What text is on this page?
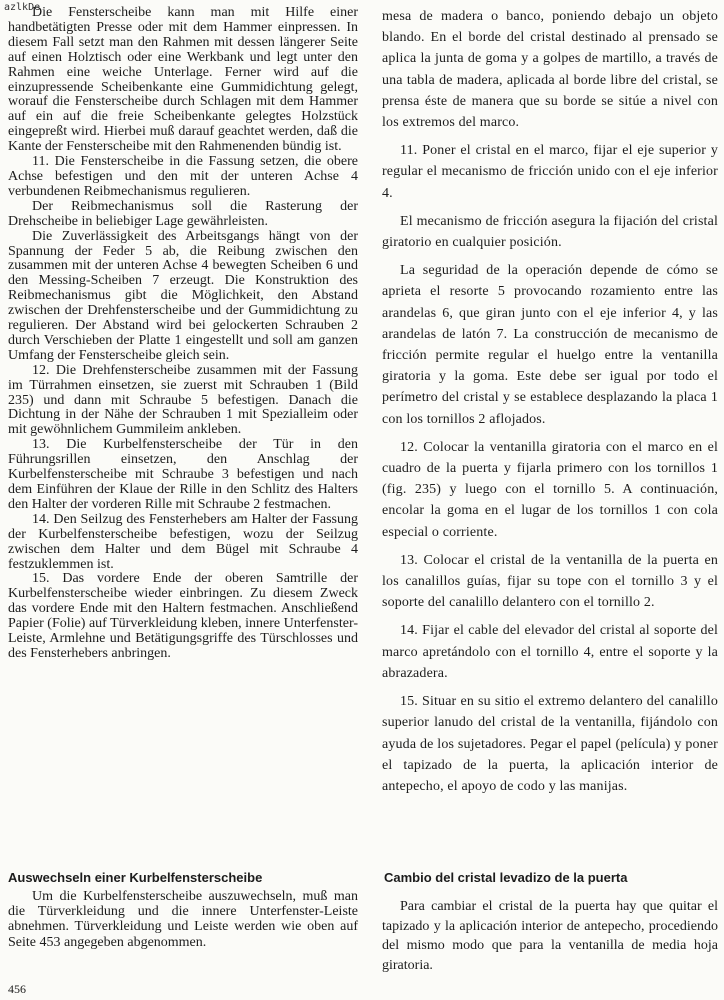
azlkDe

Die Fensterscheibe kann man mit Hilfe einer handbetätigten Presse oder mit dem Hammer einpressen. In diesem Fall setzt man den Rahmen mit dessen längerer Seite auf einen Holztisch oder eine Werkbank und legt unter den Rahmen eine weiche Unterlage. Ferner wird auf die einzupressende Scheibenkante eine Gummidichtung gelegt, worauf die Fensterscheibe durch Schlagen mit dem Hammer auf ein auf die freie Scheibenkante gelegtes Holzstück eingepreßt wird. Hierbei muß darauf geachtet werden, daß die Kante der Fensterscheibe mit den Rahmenenden bündig ist.

11. Die Fensterscheibe in die Fassung setzen, die obere Achse befestigen und den mit der unteren Achse 4 verbundenen Reibmechanismus regulieren.

Der Reibmechanismus soll die Rasterung der Drehscheibe in beliebiger Lage gewährleisten.

Die Zuverlässigkeit des Arbeitsgangs hängt von der Spannung der Feder 5 ab, die Reibung zwischen den zusammen mit der unteren Achse 4 bewegten Scheiben 6 und den Messing-Scheiben 7 erzeugt. Die Konstruktion des Reibmechanismus gibt die Möglichkeit, den Abstand zwischen der Drehfensterscheibe und der Gummidichtung zu regulieren. Der Abstand wird bei gelockerten Schrauben 2 durch Verschieben der Platte 1 eingestellt und soll am ganzen Umfang der Fensterscheibe gleich sein.

12. Die Drehfensterscheibe zusammen mit der Fassung im Türrahmen einsetzen, sie zuerst mit Schrauben 1 (Bild 235) und dann mit Schraube 5 befestigen. Danach die Dichtung in der Nähe der Schrauben 1 mit Spezialleim oder mit gewöhnlichem Gummileim ankleben.

13. Die Kurbelfensterscheibe der Tür in den Führungsrillen einsetzen, den Anschlag der Kurbelfensterscheibe mit Schraube 3 befestigen und nach dem Einführen der Klaue der Rille in den Schlitz des Halters den Halter der vorderen Rille mit Schraube 2 festmachen.

14. Den Seilzug des Fensterhebers am Halter der Fassung der Kurbelfensterscheibe befestigen, wozu der Seilzug zwischen dem Halter und dem Bügel mit Schraube 4 festzuklemmen ist.

15. Das vordere Ende der oberen Samtrille der Kurbelfensterscheibe wieder einbringen. Zu diesem Zweck das vordere Ende mit den Haltern festmachen. Anschließend Papier (Folie) auf Türverkleidung kleben, innere Unterfenster-Leiste, Armlehne und Betätigungsgriffe des Türschlosses und des Fensterhebers anbringen.

mesa de madera o banco, poniendo debajo un objeto blando. En el borde del cristal destinado al prensado se aplica la junta de goma y a golpes de martillo, a través de una tabla de madera, aplicada al borde libre del cristal, se prensa éste de manera que su borde se sitúe a nivel con los extremos del marco.

11. Poner el cristal en el marco, fijar el eje superior y regular el mecanismo de fricción unido con el eje inferior 4.

El mecanismo de fricción asegura la fijación del cristal giratorio en cualquier posición.

La seguridad de la operación depende de cómo se aprieta el resorte 5 provocando rozamiento entre las arandelas 6, que giran junto con el eje inferior 4, y las arandelas de latón 7. La construcción de mecanismo de fricción permite regular el huelgo entre la ventanilla giratoria y la goma. Este debe ser igual por todo el perímetro del cristal y se establece desplazando la placa 1 con los tornillos 2 aflojados.

12. Colocar la ventanilla giratoria con el marco en el cuadro de la puerta y fijarla primero con los tornillos 1 (fig. 235) y luego con el tornillo 5. A continuación, encolar la goma en el lugar de los tornillos 1 con cola especial o corriente.

13. Colocar el cristal de la ventanilla de la puerta en los canalillos guías, fijar su tope con el tornillo 3 y el soporte del canalillo delantero con el tornillo 2.

14. Fijar el cable del elevador del cristal al soporte del marco apretándolo con el tornillo 4, entre el soporte y la abrazadera.

15. Situar en su sitio el extremo delantero del canalillo superior lanudo del cristal de la ventanilla, fijándolo con ayuda de los sujetadores. Pegar el papel (película) y poner el tapizado de la puerta, la aplicación interior de antepecho, el apoyo de codo y las manijas.

Auswechseln einer Kurbelfensterscheibe

Um die Kurbelfensterscheibe auszuwechseln, muß man die Türverkleidung und die innere Unterfenster-Leiste abnehmen. Türverkleidung und Leiste werden wie oben auf Seite 453 angegeben abgenommen.

Cambio del cristal levadizo de la puerta

Para cambiar el cristal de la puerta hay que quitar el tapizado y la aplicación interior de antepecho, procediendo del mismo modo que para la ventanilla de media hoja giratoria.

456
